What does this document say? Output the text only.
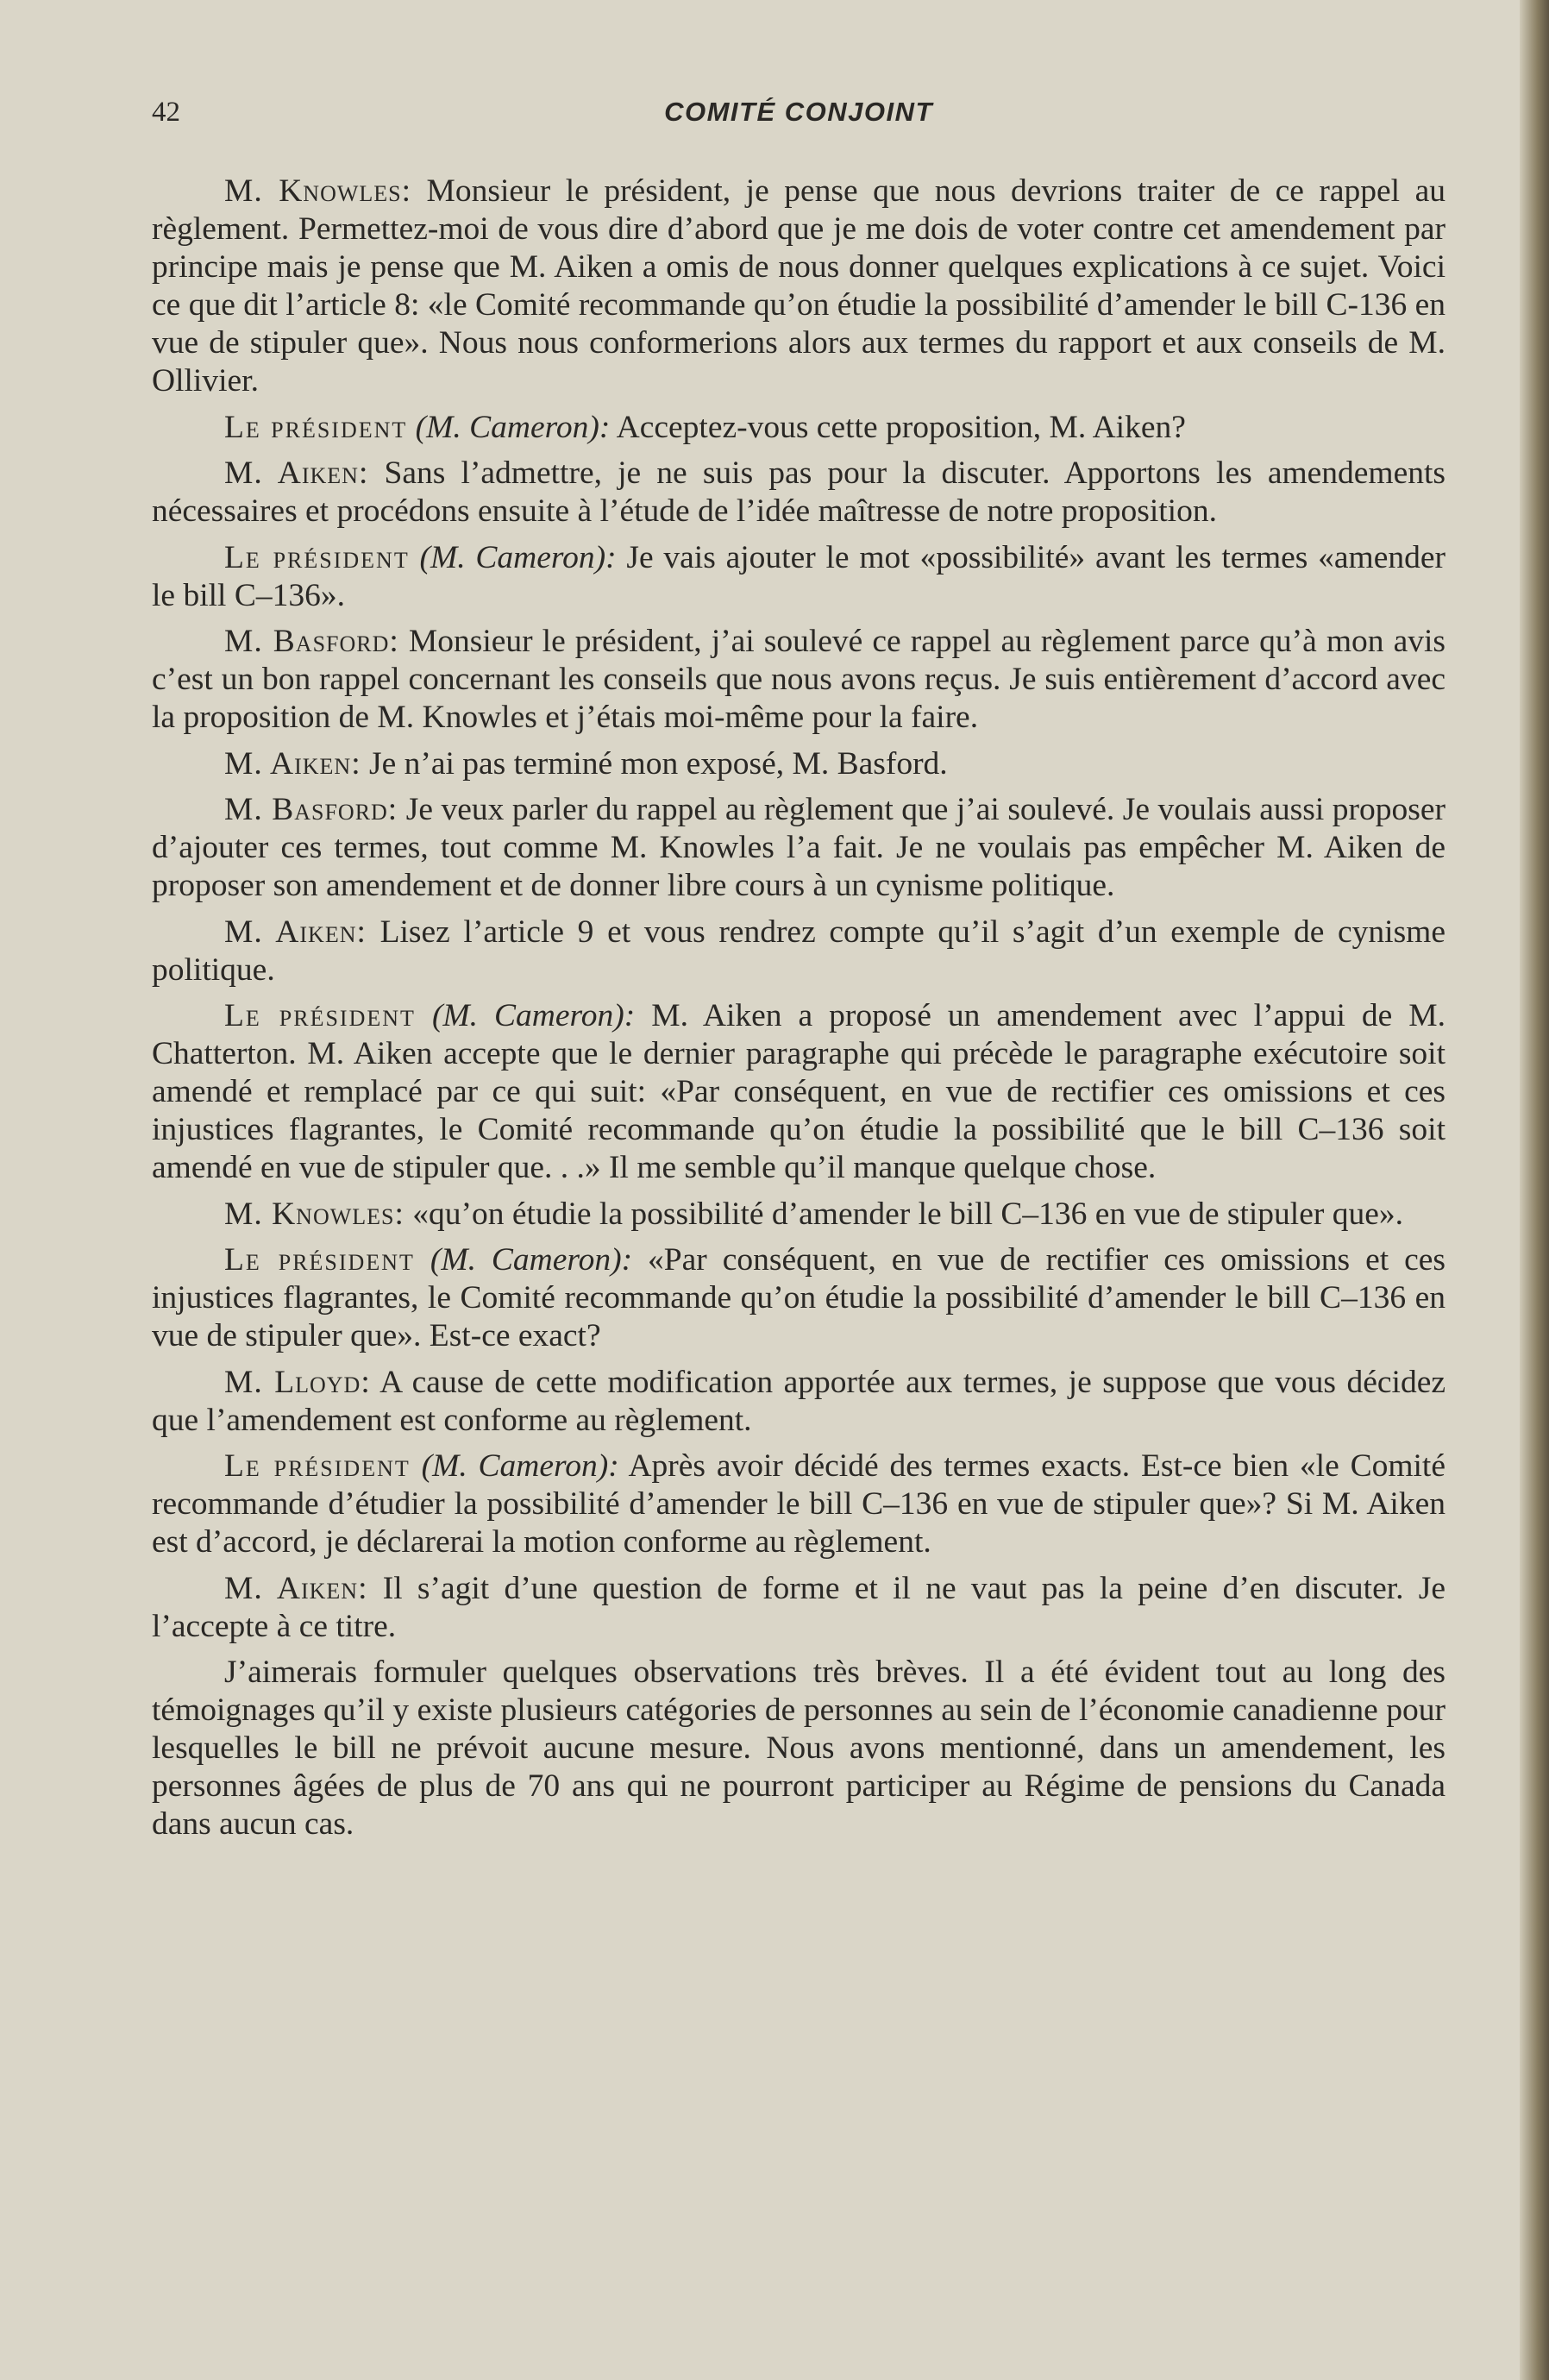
42	COMITÉ CONJOINT

M. Knowles: Monsieur le président, je pense que nous devrions traiter de ce rappel au règlement. Permettez-moi de vous dire d’abord que je me dois de voter contre cet amendement par principe mais je pense que M. Aiken a omis de nous donner quelques explications à ce sujet. Voici ce que dit l’article 8: «le Comité recommande qu’on étudie la possibilité d’amender le bill C-136 en vue de stipuler que». Nous nous conformerions alors aux termes du rapport et aux conseils de M. Ollivier.

Le président (M. Cameron): Acceptez-vous cette proposition, M. Aiken?

M. Aiken: Sans l’admettre, je ne suis pas pour la discuter. Apportons les amendements nécessaires et procédons ensuite à l’étude de l’idée maîtresse de notre proposition.

Le président (M. Cameron): Je vais ajouter le mot «possibilité» avant les termes «amender le bill C–136».

M. Basford: Monsieur le président, j’ai soulevé ce rappel au règlement parce qu’à mon avis c’est un bon rappel concernant les conseils que nous avons reçus. Je suis entièrement d’accord avec la proposition de M. Knowles et j’étais moi-même pour la faire.

M. Aiken: Je n’ai pas terminé mon exposé, M. Basford.

M. Basford: Je veux parler du rappel au règlement que j’ai soulevé. Je voulais aussi proposer d’ajouter ces termes, tout comme M. Knowles l’a fait. Je ne voulais pas empêcher M. Aiken de proposer son amendement et de donner libre cours à un cynisme politique.

M. Aiken: Lisez l’article 9 et vous rendrez compte qu’il s’agit d’un exemple de cynisme politique.

Le président (M. Cameron): M. Aiken a proposé un amendement avec l’appui de M. Chatterton. M. Aiken accepte que le dernier paragraphe qui précède le paragraphe exécutoire soit amendé et remplacé par ce qui suit: «Par conséquent, en vue de rectifier ces omissions et ces injustices flagrantes, le Comité recommande qu’on étudie la possibilité que le bill C–136 soit amendé en vue de stipuler que. . .» Il me semble qu’il manque quelque chose.

M. Knowles: «qu’on étudie la possibilité d’amender le bill C–136 en vue de stipuler que».

Le président (M. Cameron): «Par conséquent, en vue de rectifier ces omissions et ces injustices flagrantes, le Comité recommande qu’on étudie la possibilité d’amender le bill C–136 en vue de stipuler que». Est-ce exact?

M. Lloyd: A cause de cette modification apportée aux termes, je suppose que vous décidez que l’amendement est conforme au règlement.

Le président (M. Cameron): Après avoir décidé des termes exacts. Est-ce bien «le Comité recommande d’étudier la possibilité d’amender le bill C–136 en vue de stipuler que»? Si M. Aiken est d’accord, je déclarerai la motion conforme au règlement.

M. Aiken: Il s’agit d’une question de forme et il ne vaut pas la peine d’en discuter. Je l’accepte à ce titre.

J’aimerais formuler quelques observations très brèves. Il a été évident tout au long des témoignages qu’il y existe plusieurs catégories de personnes au sein de l’économie canadienne pour lesquelles le bill ne prévoit aucune mesure. Nous avons mentionné, dans un amendement, les personnes âgées de plus de 70 ans qui ne pourront participer au Régime de pensions du Canada dans aucun cas.
